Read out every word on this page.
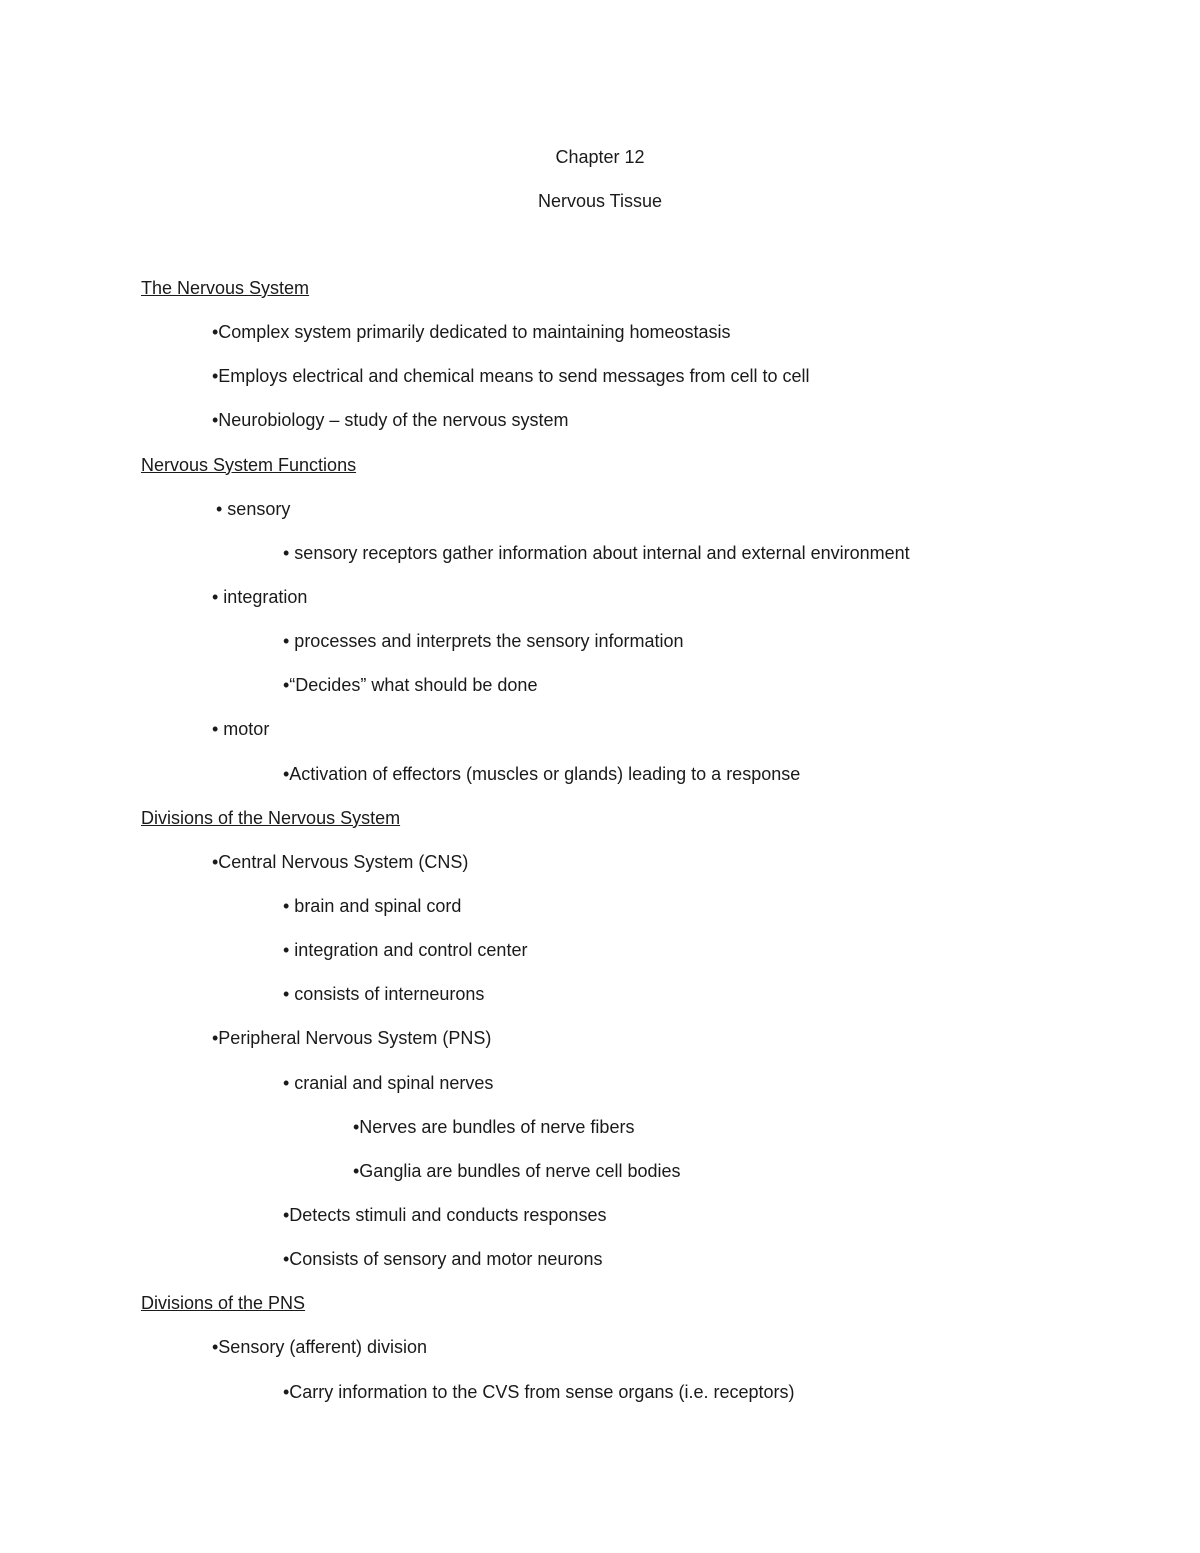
Chapter 12
Nervous Tissue
The Nervous System
•Complex system primarily dedicated to maintaining homeostasis
•Employs electrical and chemical means to send messages from cell to cell
•Neurobiology – study of the nervous system
Nervous System Functions
• sensory
• sensory receptors gather information about internal and external environment
• integration
• processes and interprets the sensory information
•“Decides” what should be done
• motor
•Activation of effectors (muscles or glands) leading to a response
Divisions of the Nervous System
•Central Nervous System (CNS)
• brain and spinal cord
• integration and control center
• consists of interneurons
•Peripheral Nervous System (PNS)
• cranial and spinal nerves
•Nerves are bundles of nerve fibers
•Ganglia are bundles of nerve cell bodies
•Detects stimuli and conducts responses
•Consists of sensory and motor neurons
Divisions of the PNS
•Sensory (afferent) division
•Carry information to the CVS from sense organs (i.e. receptors)
